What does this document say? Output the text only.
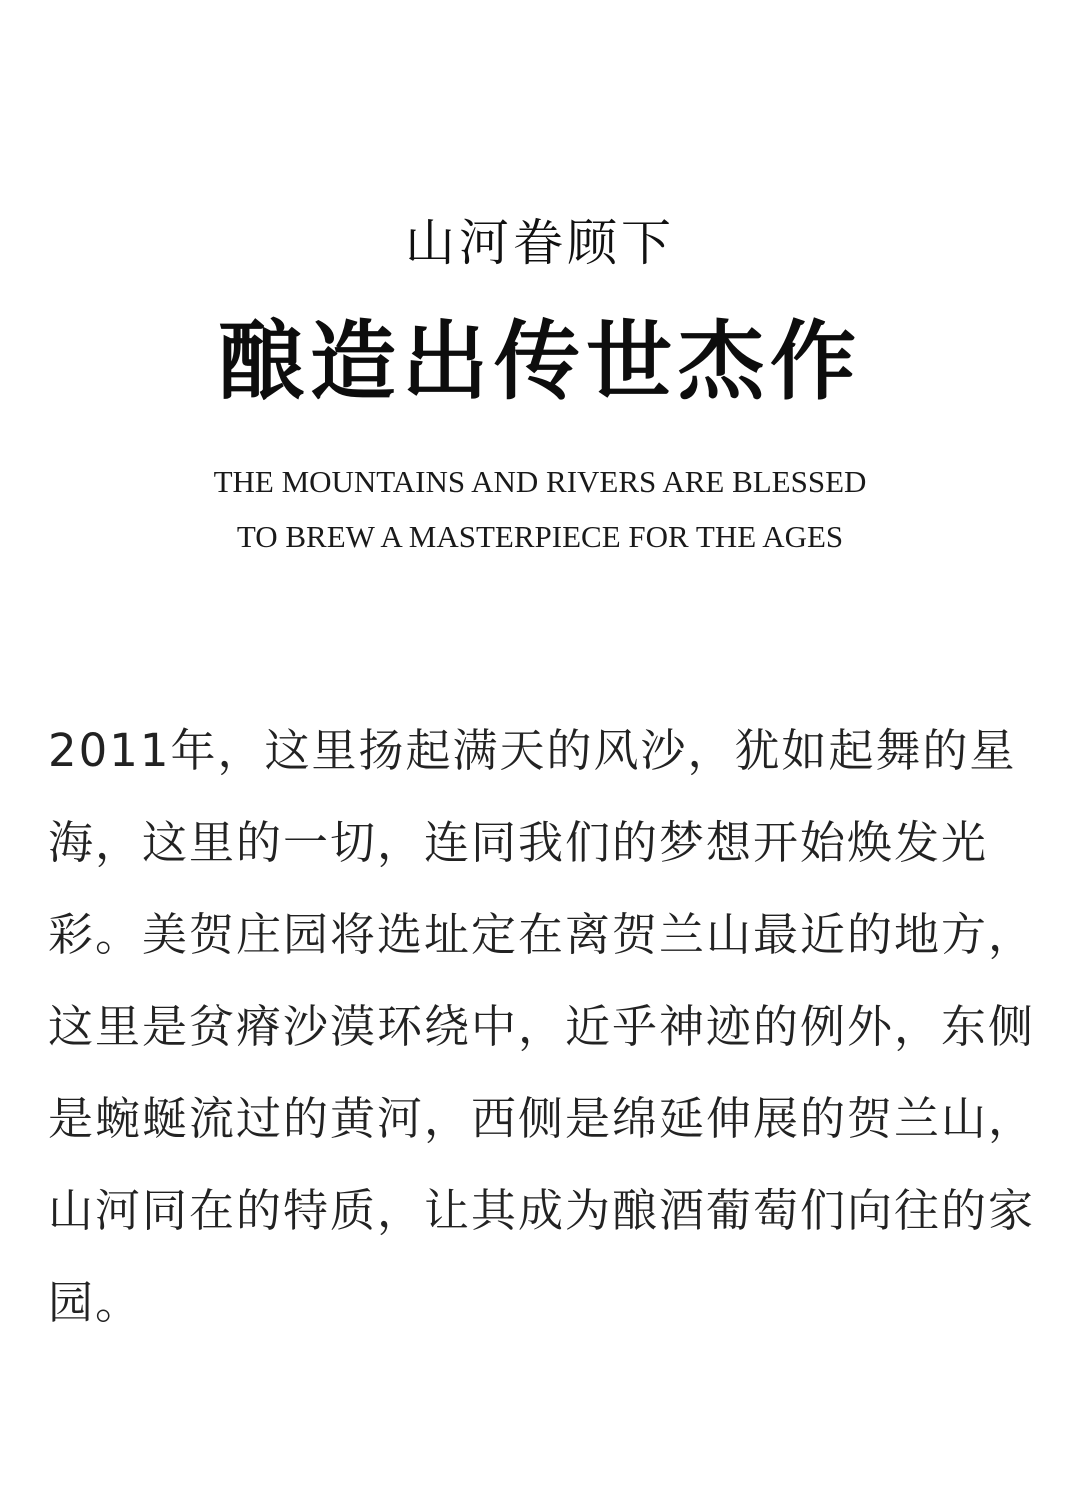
山河眷顾下
酿造出传世杰作
THE MOUNTAINS AND RIVERS ARE BLESSED
TO BREW A MASTERPIECE FOR THE AGES
2011年，这里扬起满天的风沙，犹如起舞的星海，这里的一切，连同我们的梦想开始焕发光彩。美贺庄园将选址定在离贺兰山最近的地方，这里是贫瘠沙漠环绕中，近乎神迹的例外，东侧是蜿蜒流过的黄河，西侧是绵延伸展的贺兰山，山河同在的特质，让其成为酿酒葡萄们向往的家园。
